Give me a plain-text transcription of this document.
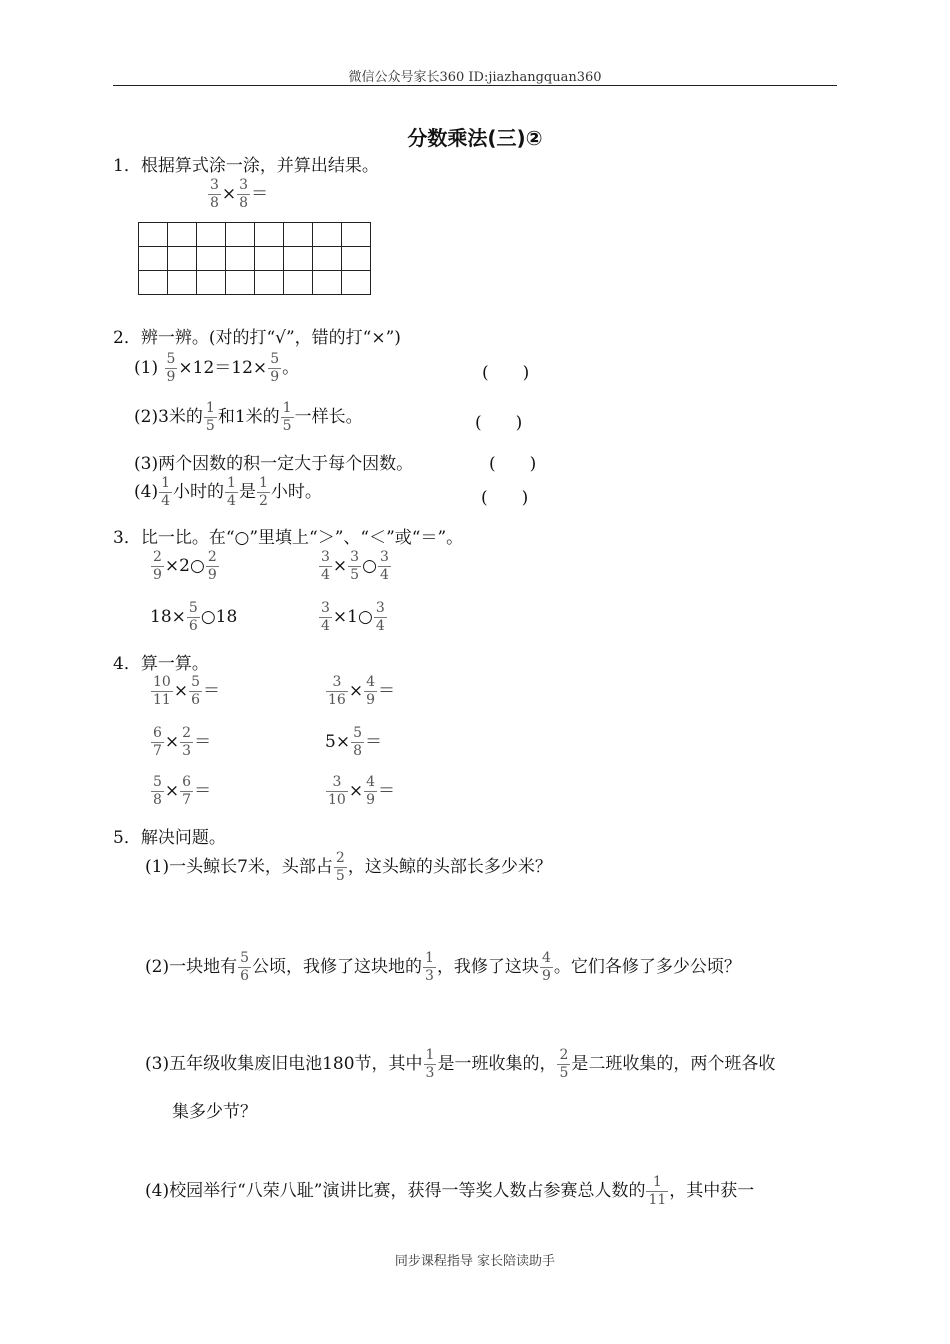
微信公众号家长360 ID:jiazhangquan360
分数乘法(三)②
1．根据算式涂一涂，并算出结果。
$\frac{3}{8} \times \frac{3}{8}$ ＝

2．辨一辨。(对的打“√”，错的打“×”)
$(1) \frac{5}{9} \times 12=12\times \frac{5}{9}$ 。	(　　)
(2)3米的 $\frac{1}{5}$ 和1米的 $\frac{1}{5}$ 一样长。	(　　)
(3)两个因数的积一定大于每个因数。	(　　)
$(4) \frac{1}{4}$ 小时的 $\frac{1}{4}$ 是 $\frac{1}{2}$ 小时。	(　　)
3．比一比。在“○”里填上“＞”、“＜”或“＝”。
$\frac{2}{9}$ ×2○ $\frac{2}{9}$	$\frac{3}{4} \times \frac{3}{5}$ ○ $\frac{3}{4}$
$18\times \frac{5}{6}$ ○18	$\frac{3}{4}$ ×1○ $\frac{3}{4}$
4．算一算。
$\frac{10}{11} \times \frac{5}{6}$ ＝	$\frac{3}{16} \times \frac{4}{9}$ ＝
$\frac{6}{7} \times \frac{2}{3}$ ＝	$5\times \frac{5}{8}$ ＝
$\frac{5}{8} \times \frac{6}{7}$ ＝	$\frac{3}{10} \times \frac{4}{9}$ ＝
5．解决问题。
(1)一头鲸长7米，头部占 $\frac{2}{5}$ ，这头鲸的头部长多少米？
(2)一块地有 $\frac{5}{6}$ 公顷，我修了这块地的 $\frac{1}{3}$ ，我修了这块 $\frac{4}{9}$ 。它们各修了多少公顷？
(3)五年级收集废旧电池180节，其中 $\frac{1}{3}$ 是一班收集的， $\frac{2}{5}$ 是二班收集的，两个班各收
集多少节？
(4)校园举行“八荣八耻”演讲比赛，获得一等奖人数占参赛总人数的 $\frac{1}{11}$ ，其中获一
同步课程指导 家长陪读助手
